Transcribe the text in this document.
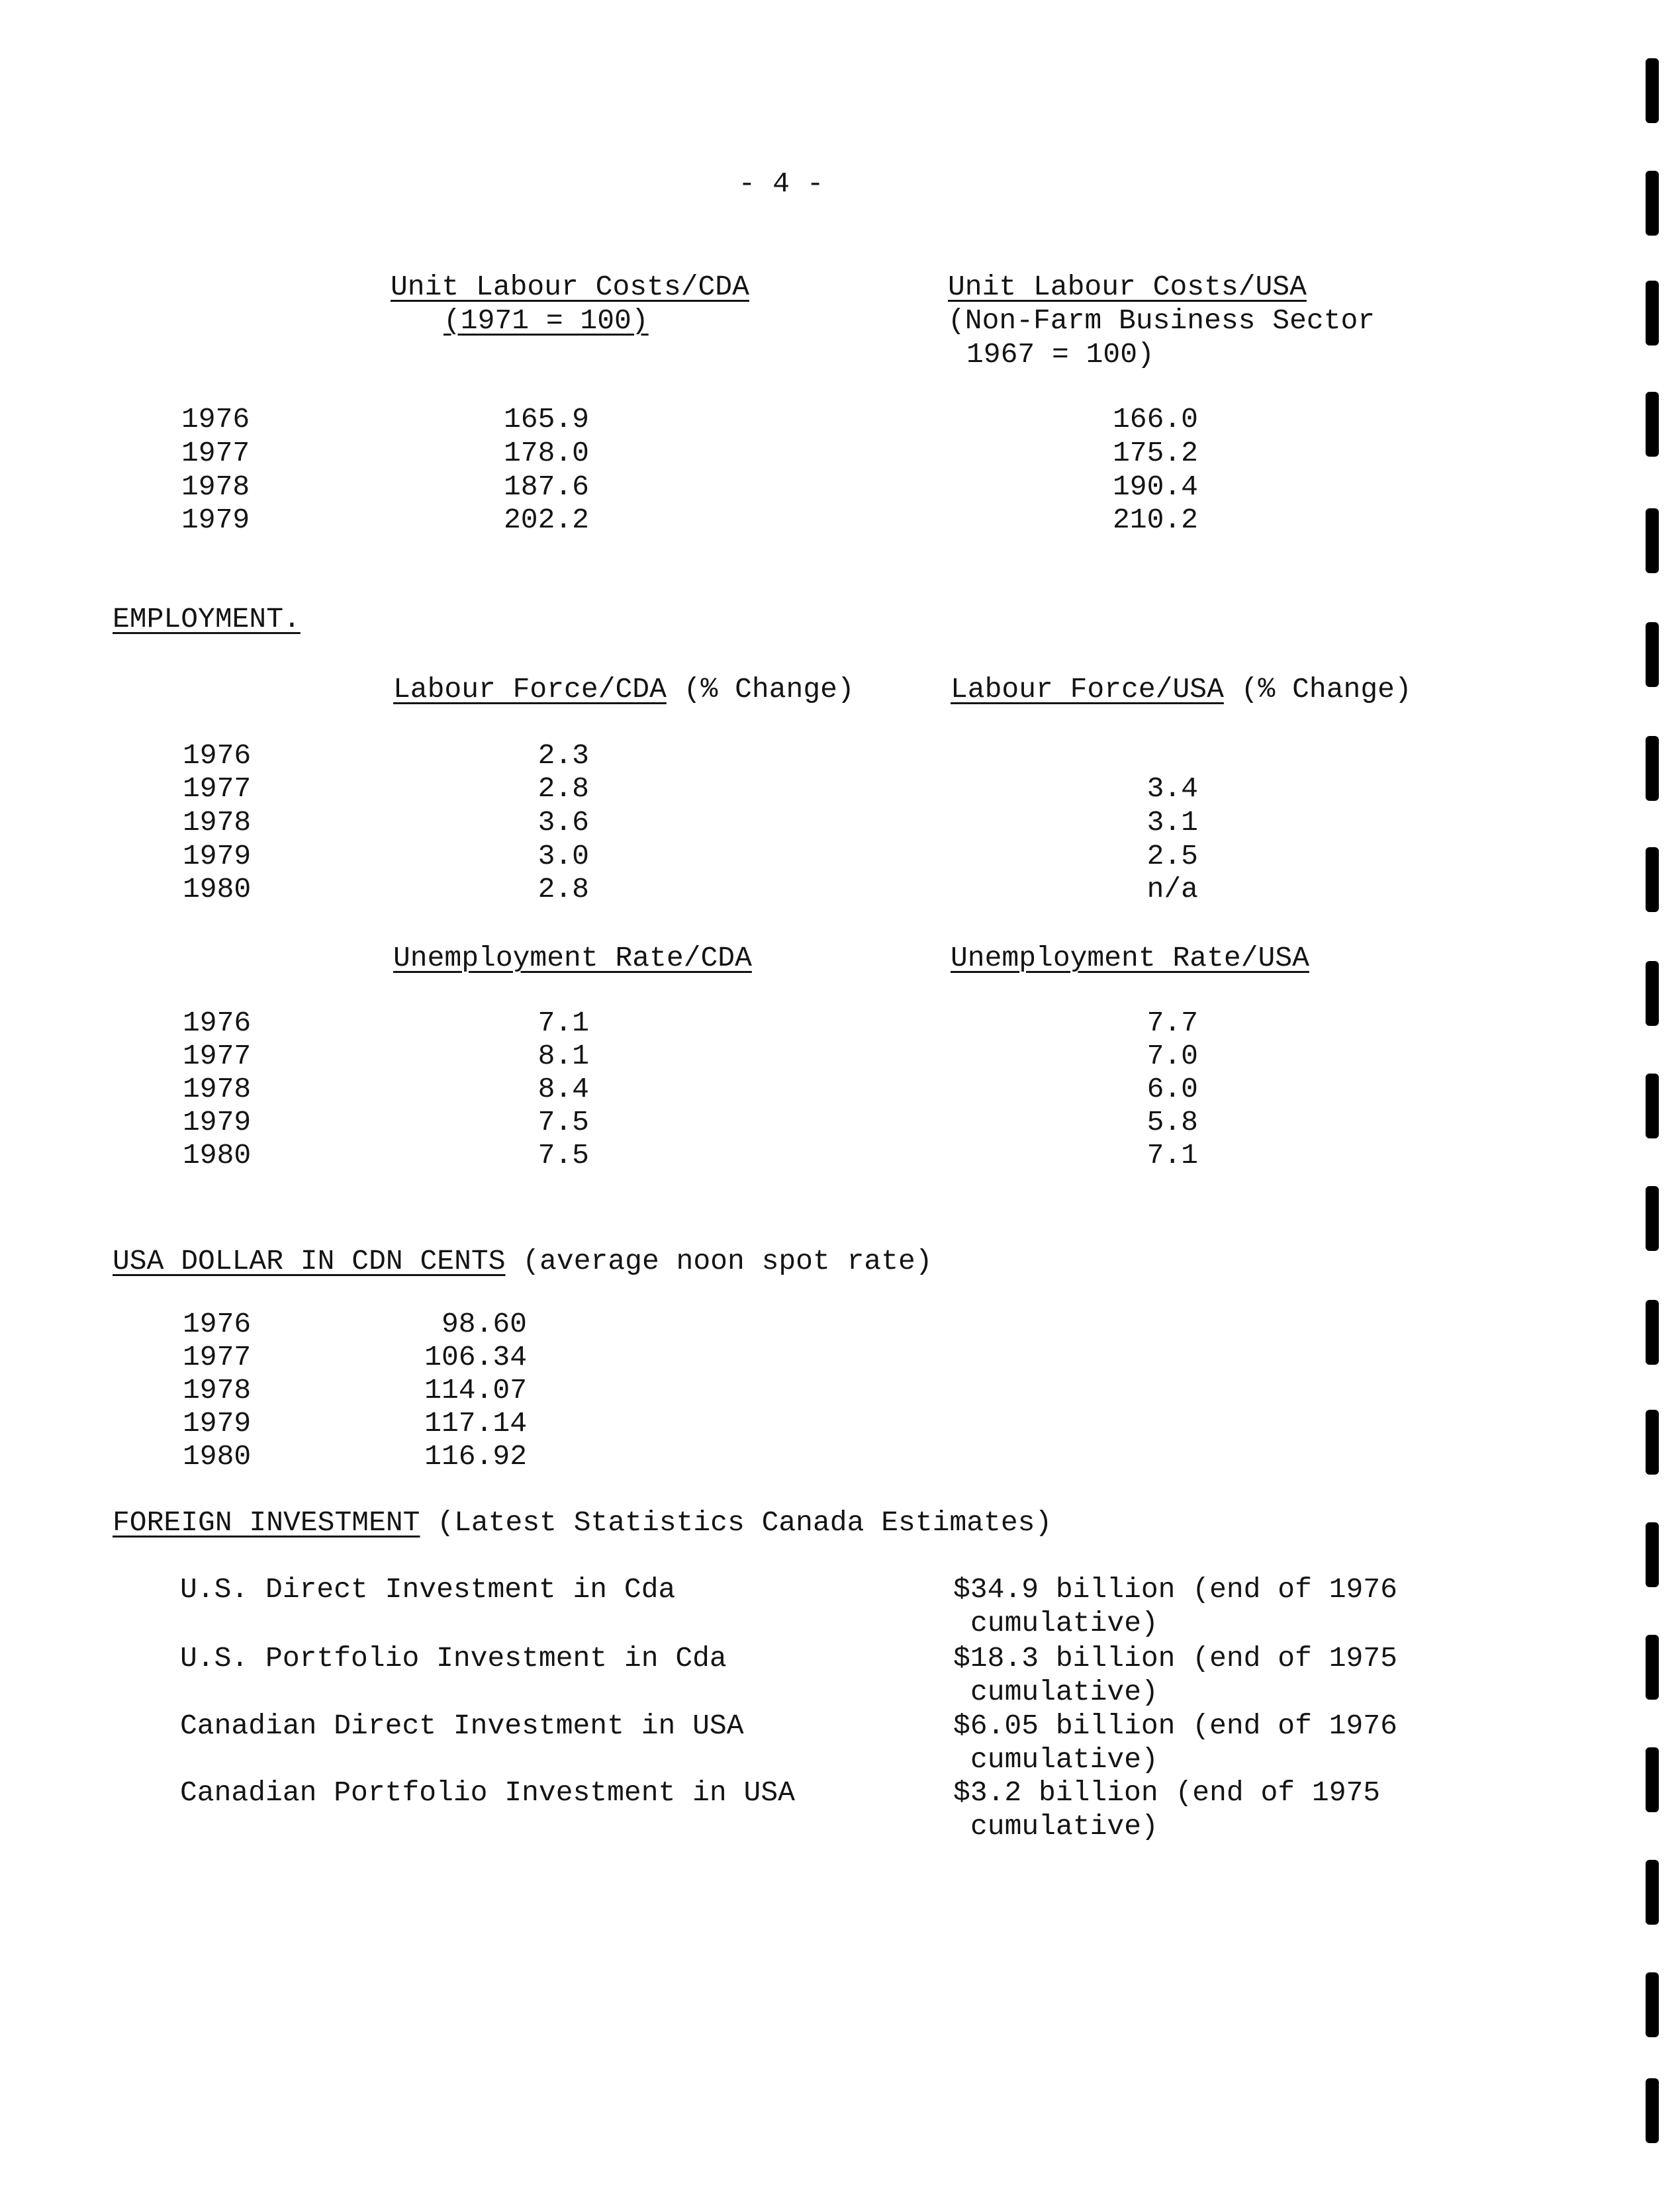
- 4 -
Unit Labour Costs/CDA
(1971 = 100)
Unit Labour Costs/USA
(Non-Farm Business Sector
1967 = 100)
1976	165.9	166.0
1977	178.0	175.2
1978	187.6	190.4
1979	202.2	210.2
EMPLOYMENT.
Labour Force/CDA (% Change)	Labour Force/USA (% Change)
1976	2.3
1977	2.8	3.4
1978	3.6	3.1
1979	3.0	2.5
1980	2.8	n/a
Unemployment Rate/CDA	Unemployment Rate/USA
1976	7.1	7.7
1977	8.1	7.0
1978	8.4	6.0
1979	7.5	5.8
1980	7.5	7.1
USA DOLLAR IN CDN CENTS (average noon spot rate)
1976	98.60
1977	106.34
1978	114.07
1979	117.14
1980	116.92
FOREIGN INVESTMENT (Latest Statistics Canada Estimates)
U.S. Direct Investment in Cda	$34.9 billion (end of 1976
cumulative)
U.S. Portfolio Investment in Cda	$18.3 billion (end of 1975
cumulative)
Canadian Direct Investment in USA	$6.05 billion (end of 1976
cumulative)
Canadian Portfolio Investment in USA	$3.2 billion (end of 1975
cumulative)
